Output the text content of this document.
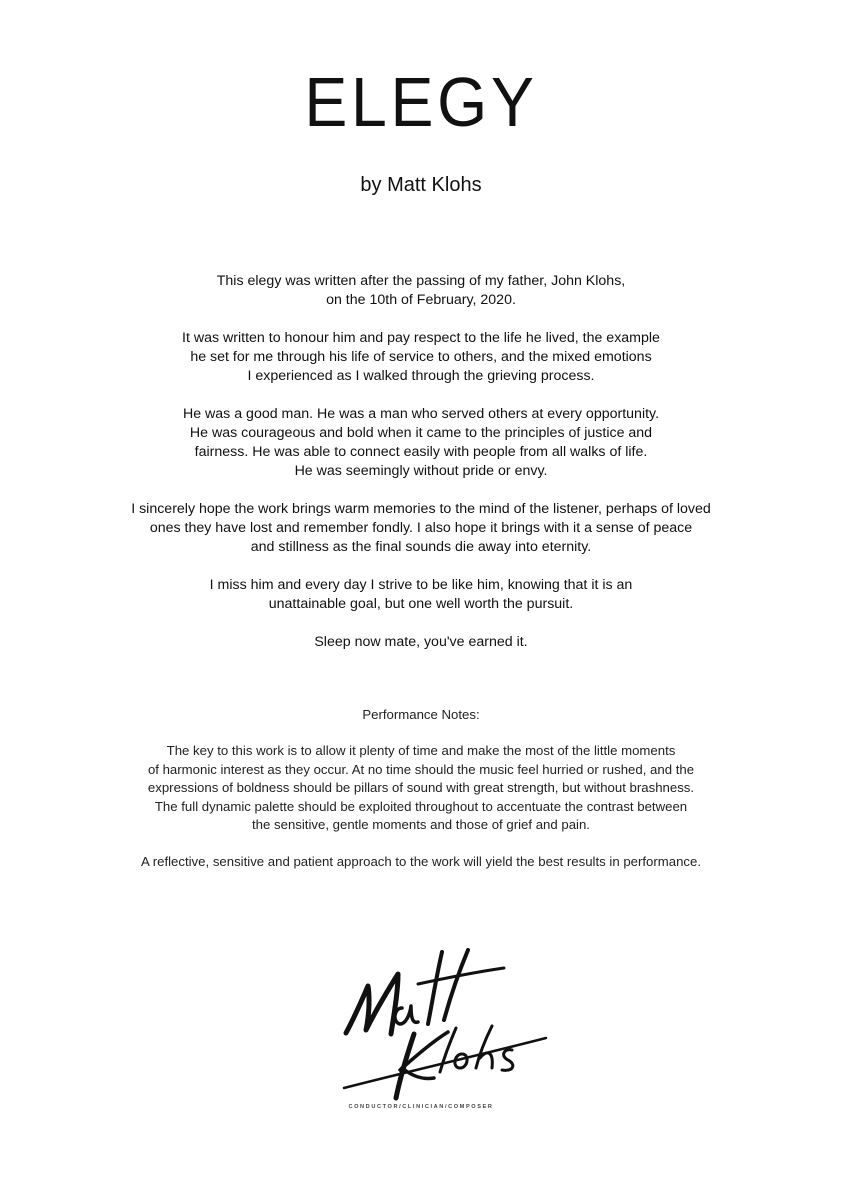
ELEGY
by Matt Klohs

This elegy was written after the passing of my father, John Klohs,
on the 10th of February, 2020.

It was written to honour him and pay respect to the life he lived, the example
he set for me through his life of service to others, and the mixed emotions
I experienced as I walked through the grieving process.

He was a good man. He was a man who served others at every opportunity.
He was courageous and bold when it came to the principles of justice and
fairness. He was able to connect easily with people from all walks of life.
He was seemingly without pride or envy.

I sincerely hope the work brings warm memories to the mind of the listener, perhaps of loved
ones they have lost and remember fondly. I also hope it brings with it a sense of peace
and stillness as the final sounds die away into eternity.

I miss him and every day I strive to be like him, knowing that it is an
unattainable goal, but one well worth the pursuit.

Sleep now mate, you've earned it.

Performance Notes:

The key to this work is to allow it plenty of time and make the most of the little moments
of harmonic interest as they occur. At no time should the music feel hurried or rushed, and the
expressions of boldness should be pillars of sound with great strength, but without brashness.
The full dynamic palette should be exploited throughout to accentuate the contrast between
the sensitive, gentle moments and those of grief and pain.

A reflective, sensitive and patient approach to the work will yield the best results in performance.

CONDUCTOR/CLINICIAN/COMPOSER
